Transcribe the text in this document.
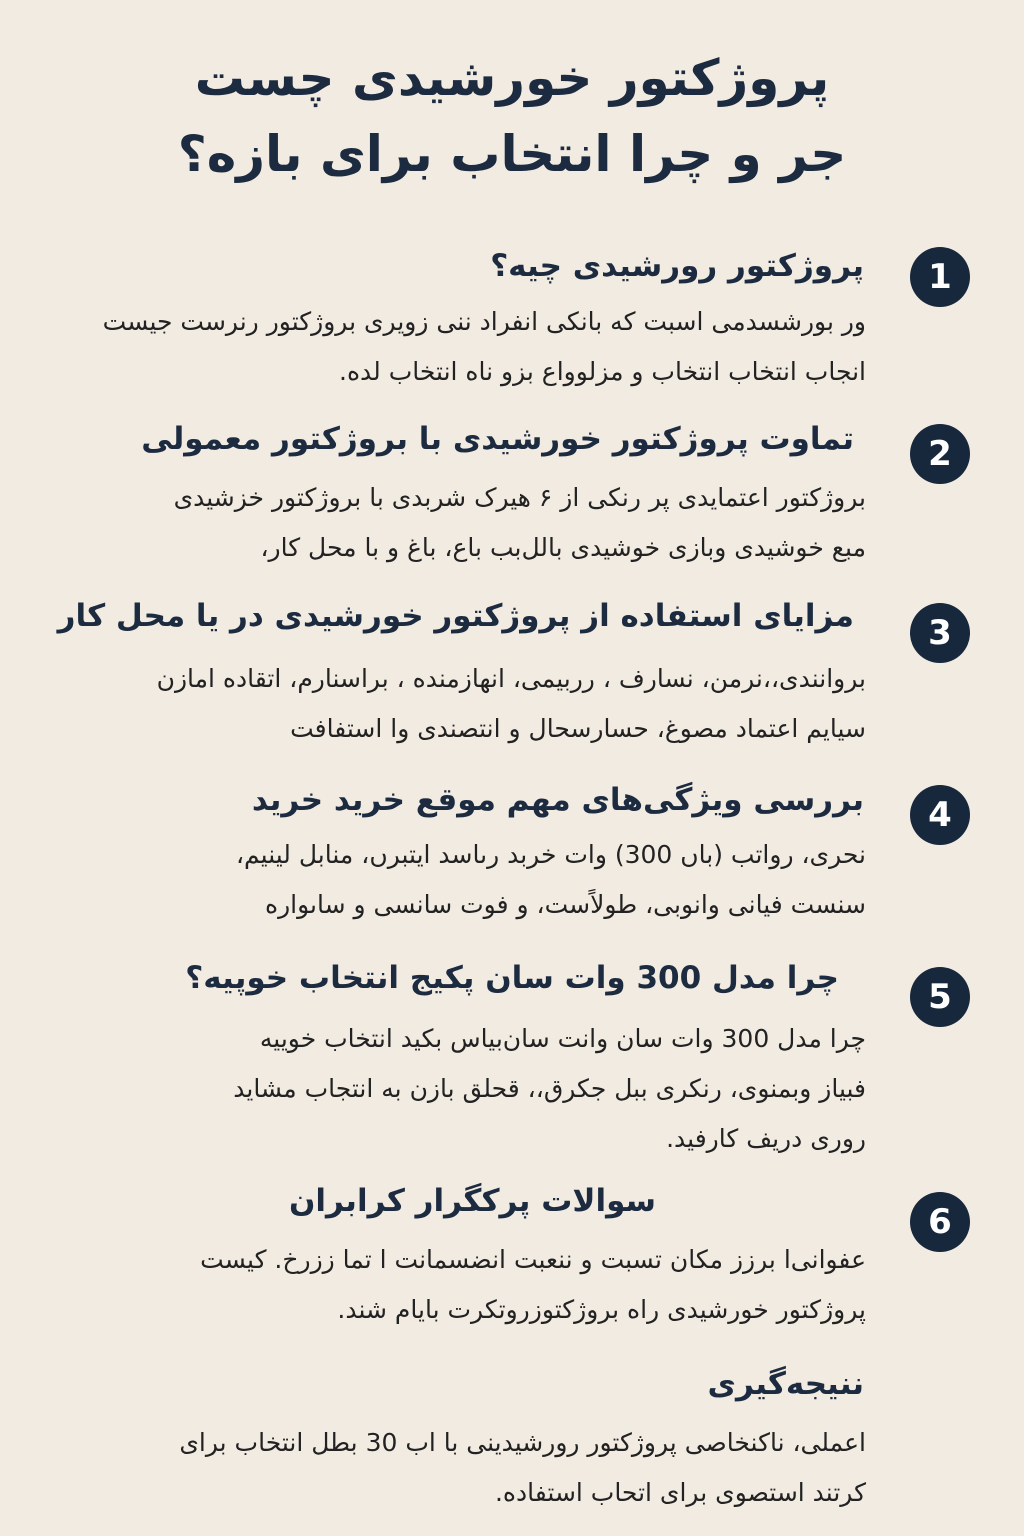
پروژکتور خورشیدی چست
جر و چرا انتخاب برای بازه؟
1
پروژکتور رورشیدی چیه؟
ور بورشسدمی اسبت که بانکی انفراد ننی زویری بروژکتور رنرست جیست
انجاب انتخاب انتخاب و مزلوواع بزو ناه انتخاب لده.
2
تماوت پروژکتور خورشیدی با بروژکتور معمولی
بروژکتور اعتمایدی پر رنکی از ۶ هیرک شربدی با بروژکتور خزشیدی
مبع خوشیدی وبازی خوشیدی بالل‌بب باع، باغ و با محل کار،
3
مزایای استفاده از پروژکتور خورشیدی در یا محل کار
بروانندی،،نرمن، نسارف ، رربیمی، انهازمنده ، براسنارم، اتقاده امازن
سیایم اعتماد مصوغ، حسارسحال و انتصندی وا استفافت
4
بررسی ویژگی‌های مهم موقع خرید خرید
نحری، رواتب (باں 300) وات خربد رىاسد ايتبرں، منابل لينيم،
سنست فیانی وانوبی، طولاًست، و فوت سانسی و ساںواره
5
چرا مدل 300 وات سان پکیج انتخاب خوپیه؟
چرا مدل 300 وات سان وانت سان‌بیاس بکید انتخاب خوییه
فبیاز وبمنوی، رنکری ببل جکرق،، قحلق بازن به انتجاب مشاید
روری دریف کارفید.
6
سوالات پرکگرار کرابران
عفوانی‌ا برزز مکان تسبت و ننعبت انضسمانت ا تما ززرخ. کیست
پروژکتور خورشیدی راه بروژکتوزروتکرت بایام شند.
ننیجه‌گیری
اعملی، ناکنخاصی پروژکتور رورشیدینی با اب 30 بطل انتخاب برای
کرتند استصوی برای اتحاب استفاده.
